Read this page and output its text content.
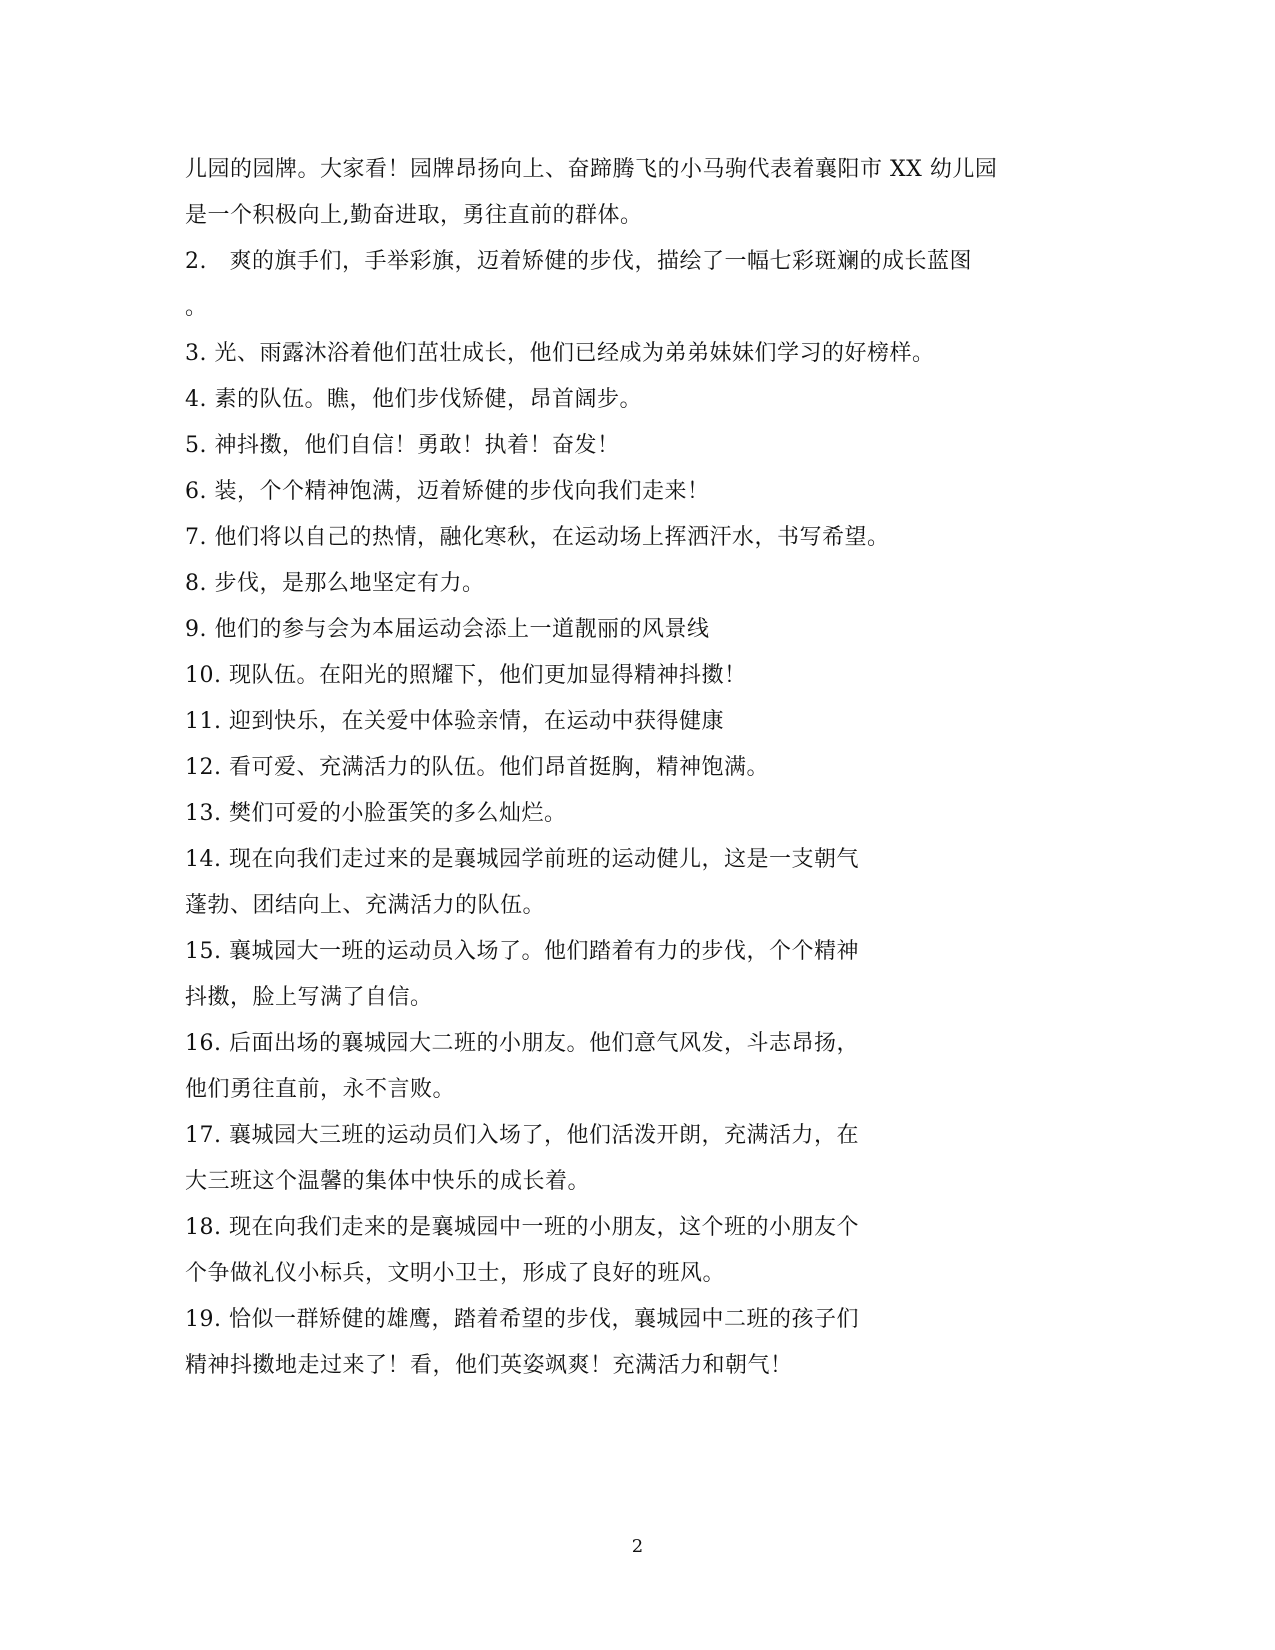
儿园的园牌。大家看！园牌昂扬向上、奋蹄腾飞的小马驹代表着襄阳市 XX 幼儿园
是一个积极向上,勤奋进取，勇往直前的群体。
2.　爽的旗手们，手举彩旗，迈着矫健的步伐，描绘了一幅七彩斑斓的成长蓝图
。
3. 光、雨露沐浴着他们茁壮成长，他们已经成为弟弟妹妹们学习的好榜样。
4. 素的队伍。瞧，他们步伐矫健，昂首阔步。
5. 神抖擞，他们自信！勇敢！执着！奋发！
6. 装，个个精神饱满，迈着矫健的步伐向我们走来！
7. 他们将以自己的热情，融化寒秋，在运动场上挥洒汗水，书写希望。
8. 步伐，是那么地坚定有力。
9. 他们的参与会为本届运动会添上一道靓丽的风景线
10. 现队伍。在阳光的照耀下，他们更加显得精神抖擞！
11. 迎到快乐，在关爱中体验亲情，在运动中获得健康
12. 看可爱、充满活力的队伍。他们昂首挺胸，精神饱满。
13. 樊们可爱的小脸蛋笑的多么灿烂。
14. 现在向我们走过来的是襄城园学前班的运动健儿，这是一支朝气
蓬勃、团结向上、充满活力的队伍。
15. 襄城园大一班的运动员入场了。他们踏着有力的步伐，个个精神
抖擞，脸上写满了自信。
16. 后面出场的襄城园大二班的小朋友。他们意气风发，斗志昂扬，
他们勇往直前，永不言败。
17. 襄城园大三班的运动员们入场了，他们活泼开朗，充满活力，在
大三班这个温馨的集体中快乐的成长着。
18. 现在向我们走来的是襄城园中一班的小朋友，这个班的小朋友个
个争做礼仪小标兵，文明小卫士，形成了良好的班风。
19. 恰似一群矫健的雄鹰，踏着希望的步伐，襄城园中二班的孩子们
精神抖擞地走过来了！看，他们英姿飒爽！充满活力和朝气！
2
